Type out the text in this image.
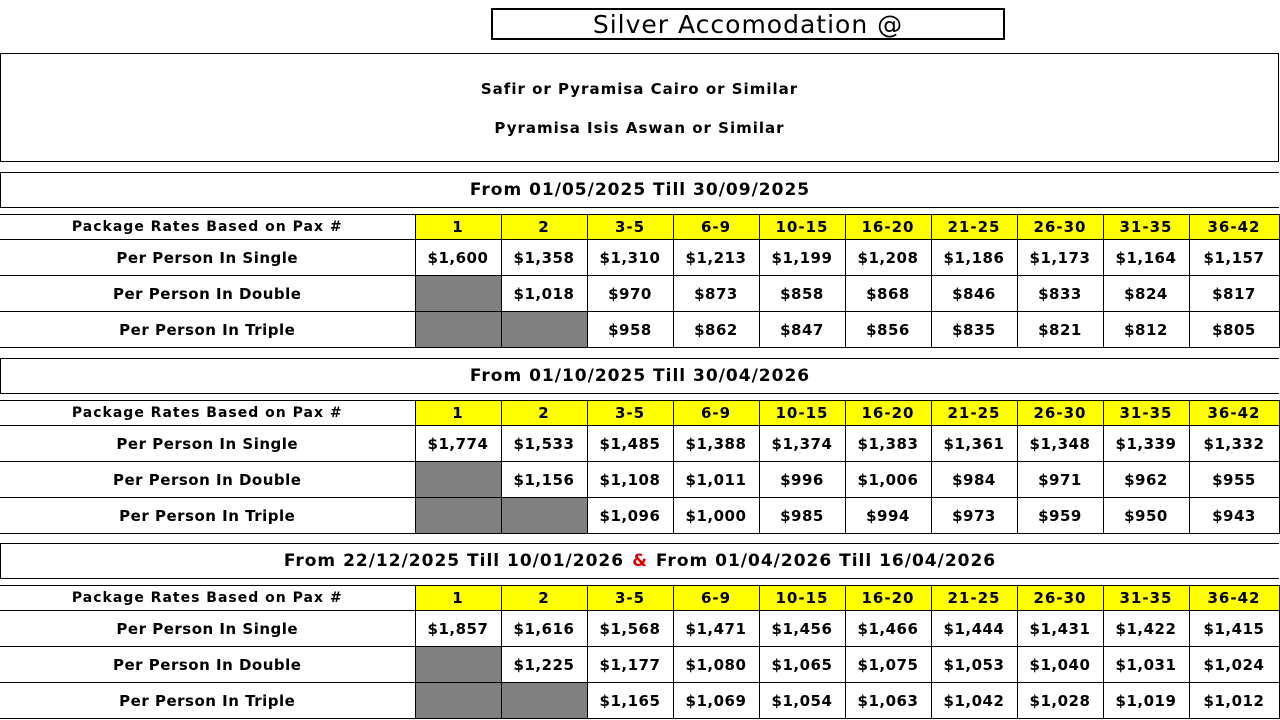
Silver Accomodation @
Safir or Pyramisa Cairo or Similar
Pyramisa Isis Aswan or Similar
From 01/05/2025 Till 30/09/2025
Package Rates Based on Pax #	1	2	3-5	6-9	10-15	16-20	21-25	26-30	31-35	36-42
Per Person In Single	$1,600	$1,358	$1,310	$1,213	$1,199	$1,208	$1,186	$1,173	$1,164	$1,157
Per Person In Double		$1,018	$970	$873	$858	$868	$846	$833	$824	$817
Per Person In Triple			$958	$862	$847	$856	$835	$821	$812	$805
From 01/10/2025 Till 30/04/2026
Package Rates Based on Pax #	1	2	3-5	6-9	10-15	16-20	21-25	26-30	31-35	36-42
Per Person In Single	$1,774	$1,533	$1,485	$1,388	$1,374	$1,383	$1,361	$1,348	$1,339	$1,332
Per Person In Double		$1,156	$1,108	$1,011	$996	$1,006	$984	$971	$962	$955
Per Person In Triple			$1,096	$1,000	$985	$994	$973	$959	$950	$943
From 22/12/2025 Till 10/01/2026 & From 01/04/2026 Till 16/04/2026
Package Rates Based on Pax #	1	2	3-5	6-9	10-15	16-20	21-25	26-30	31-35	36-42
Per Person In Single	$1,857	$1,616	$1,568	$1,471	$1,456	$1,466	$1,444	$1,431	$1,422	$1,415
Per Person In Double		$1,225	$1,177	$1,080	$1,065	$1,075	$1,053	$1,040	$1,031	$1,024
Per Person In Triple			$1,165	$1,069	$1,054	$1,063	$1,042	$1,028	$1,019	$1,012
